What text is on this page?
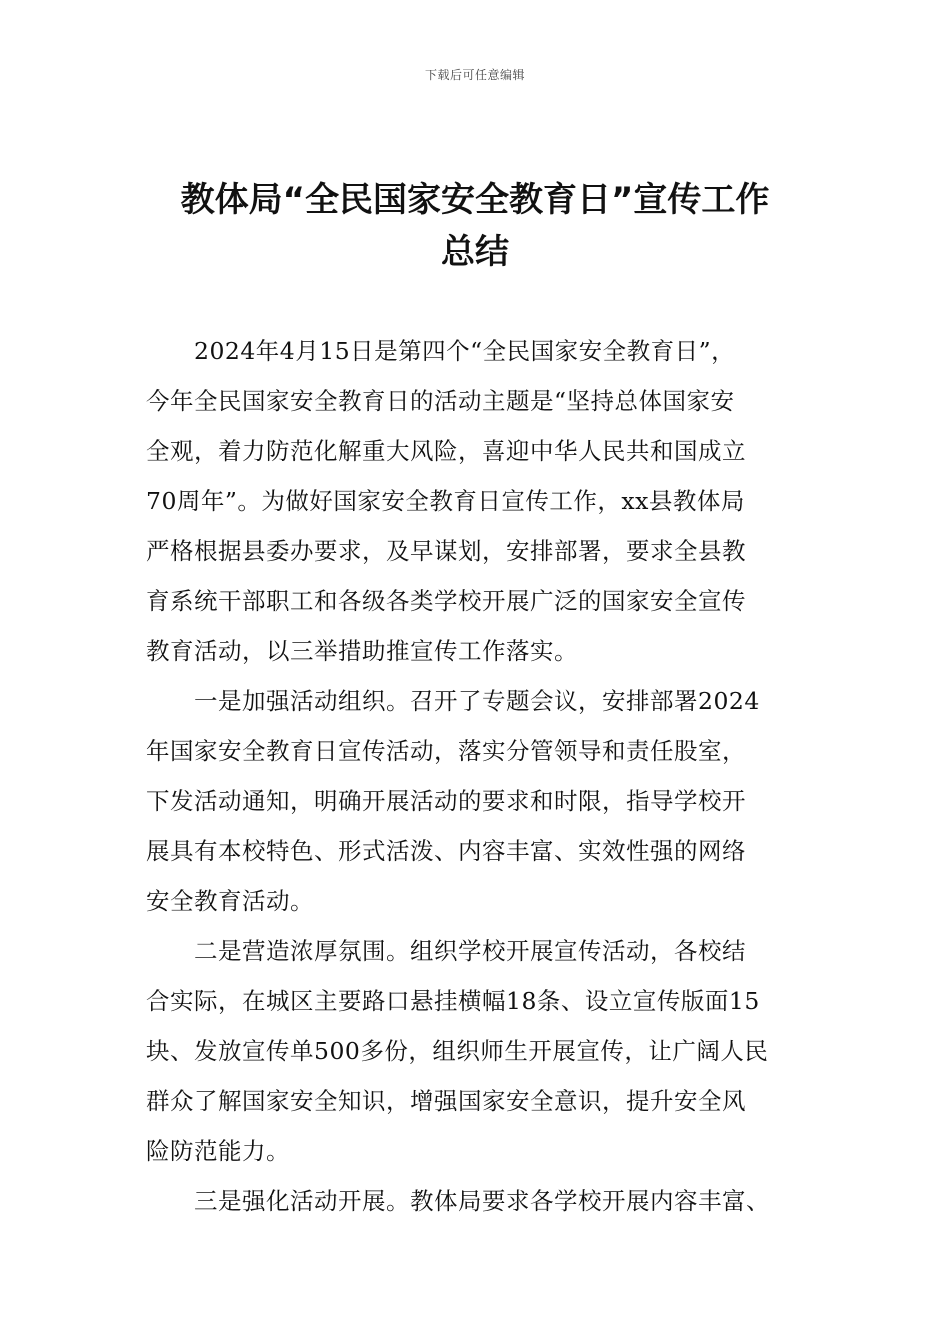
下载后可任意编辑
教体局“全民国家安全教育日”宣传工作
总结
2024年4月15日是第四个“全民国家安全教育日”，
今年全民国家安全教育日的活动主题是“坚持总体国家安
全观，着力防范化解重大风险，喜迎中华人民共和国成立
70周年”。为做好国家安全教育日宣传工作，xx县教体局
严格根据县委办要求，及早谋划，安排部署，要求全县教
育系统干部职工和各级各类学校开展广泛的国家安全宣传
教育活动，以三举措助推宣传工作落实。
一是加强活动组织。召开了专题会议，安排部署2024
年国家安全教育日宣传活动，落实分管领导和责任股室，
下发活动通知，明确开展活动的要求和时限，指导学校开
展具有本校特色、形式活泼、内容丰富、实效性强的网络
安全教育活动。
二是营造浓厚氛围。组织学校开展宣传活动，各校结
合实际，在城区主要路口悬挂横幅18条、设立宣传版面15
块、发放宣传单500多份，组织师生开展宣传，让广阔人民
群众了解国家安全知识，增强国家安全意识，提升安全风
险防范能力。
三是强化活动开展。教体局要求各学校开展内容丰富、
